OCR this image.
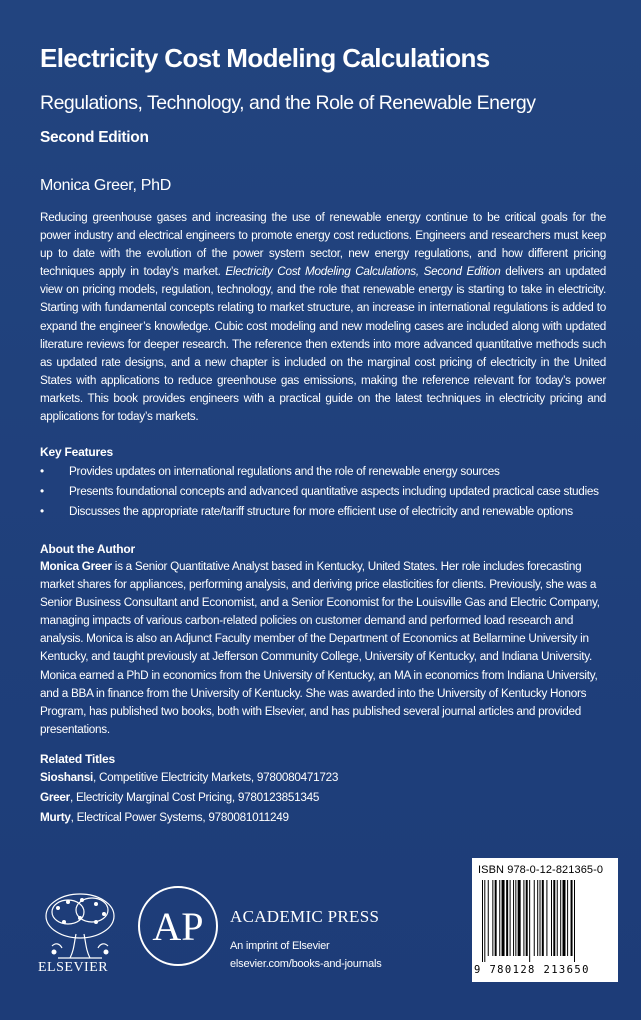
Electricity Cost Modeling Calculations
Regulations, Technology, and the Role of Renewable Energy
Second Edition
Monica Greer, PhD
Reducing greenhouse gases and increasing the use of renewable energy continue to be critical goals for the power industry and electrical engineers to promote energy cost reductions. Engineers and researchers must keep up to date with the evolution of the power system sector, new energy regulations, and how different pricing techniques apply in today’s market. Electricity Cost Modeling Calculations, Second Edition delivers an updated view on pricing models, regulation, technology, and the role that renewable energy is starting to take in electricity. Starting with fundamental concepts relating to market structure, an increase in international regulations is added to expand the engineer’s knowledge. Cubic cost modeling and new modeling cases are included along with updated literature reviews for deeper research. The reference then extends into more advanced quantitative methods such as updated rate designs, and a new chapter is included on the marginal cost pricing of electricity in the United States with applications to reduce greenhouse gas emissions, making the reference relevant for today’s power markets. This book provides engineers with a practical guide on the latest techniques in electricity pricing and applications for today’s markets.
Key Features
• Provides updates on international regulations and the role of renewable energy sources
• Presents foundational concepts and advanced quantitative aspects including updated practical case studies
• Discusses the appropriate rate/tariff structure for more efficient use of electricity and renewable options
About the Author
Monica Greer is a Senior Quantitative Analyst based in Kentucky, United States. Her role includes forecasting market shares for appliances, performing analysis, and deriving price elasticities for clients. Previously, she was a Senior Business Consultant and Economist, and a Senior Economist for the Louisville Gas and Electric Company, managing impacts of various carbon-related policies on customer demand and performed load research and analysis. Monica is also an Adjunct Faculty member of the Department of Economics at Bellarmine University in Kentucky, and taught previously at Jefferson Community College, University of Kentucky, and Indiana University. Monica earned a PhD in economics from the University of Kentucky, an MA in economics from Indiana University, and a BBA in finance from the University of Kentucky. She was awarded into the University of Kentucky Honors Program, has published two books, both with Elsevier, and has published several journal articles and provided presentations.
Related Titles
Sioshansi, Competitive Electricity Markets, 9780080471723
Greer, Electricity Marginal Cost Pricing, 9780123851345
Murty, Electrical Power Systems, 9780081011249
ELSEVIER
AP ACADEMIC PRESS
An imprint of Elsevier
elsevier.com/books-and-journals
ISBN 978-0-12-821365-0
9 780128 213650
